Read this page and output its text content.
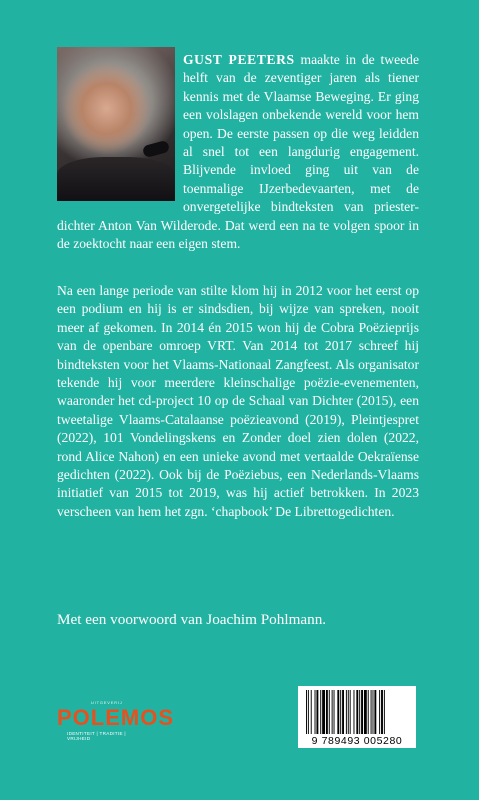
GUST PEETERS maakte in de tweede helft van de zeventiger jaren als tiener kennis met de Vlaamse Beweging. Er ging een volslagen onbekende wereld voor hem open. De eerste passen op die weg leidden al snel tot een langdurig engagement. Blijvende invloed ging uit van de toenmalige IJzerbedevaarten, met de onvergetelijke bindteksten van priester-dichter Anton Van Wilderode. Dat werd een na te volgen spoor in de zoektocht naar een eigen stem.
Na een lange periode van stilte klom hij in 2012 voor het eerst op een podium en hij is er sindsdien, bij wijze van spreken, nooit meer af gekomen. In 2014 én 2015 won hij de Cobra Poëzieprijs van de openbare omroep VRT. Van 2014 tot 2017 schreef hij bindteksten voor het Vlaams-Nationaal Zangfeest. Als organisator tekende hij voor meerdere kleinschalige poëzie-evenementen, waaronder het cd-project 10 op de Schaal van Dichter (2015), een tweetalige Vlaams-Catalaanse poëzieavond (2019), Pleintjespret (2022), 101 Vondelingskens en Zonder doel zien dolen (2022, rond Alice Nahon) en een unieke avond met vertaalde Oekraïense gedichten (2022). Ook bij de Poëziebus, een Nederlands-Vlaams initiatief van 2015 tot 2019, was hij actief betrokken. In 2023 verscheen van hem het zgn. ‘chapbook’ De Librettogedichten.
Met een voorwoord van Joachim Pohlmann.
UITGEVERIJ
POLEMOS
IDENTITEIT | TRADITIE | VRIJHEID	9 789493 005280
